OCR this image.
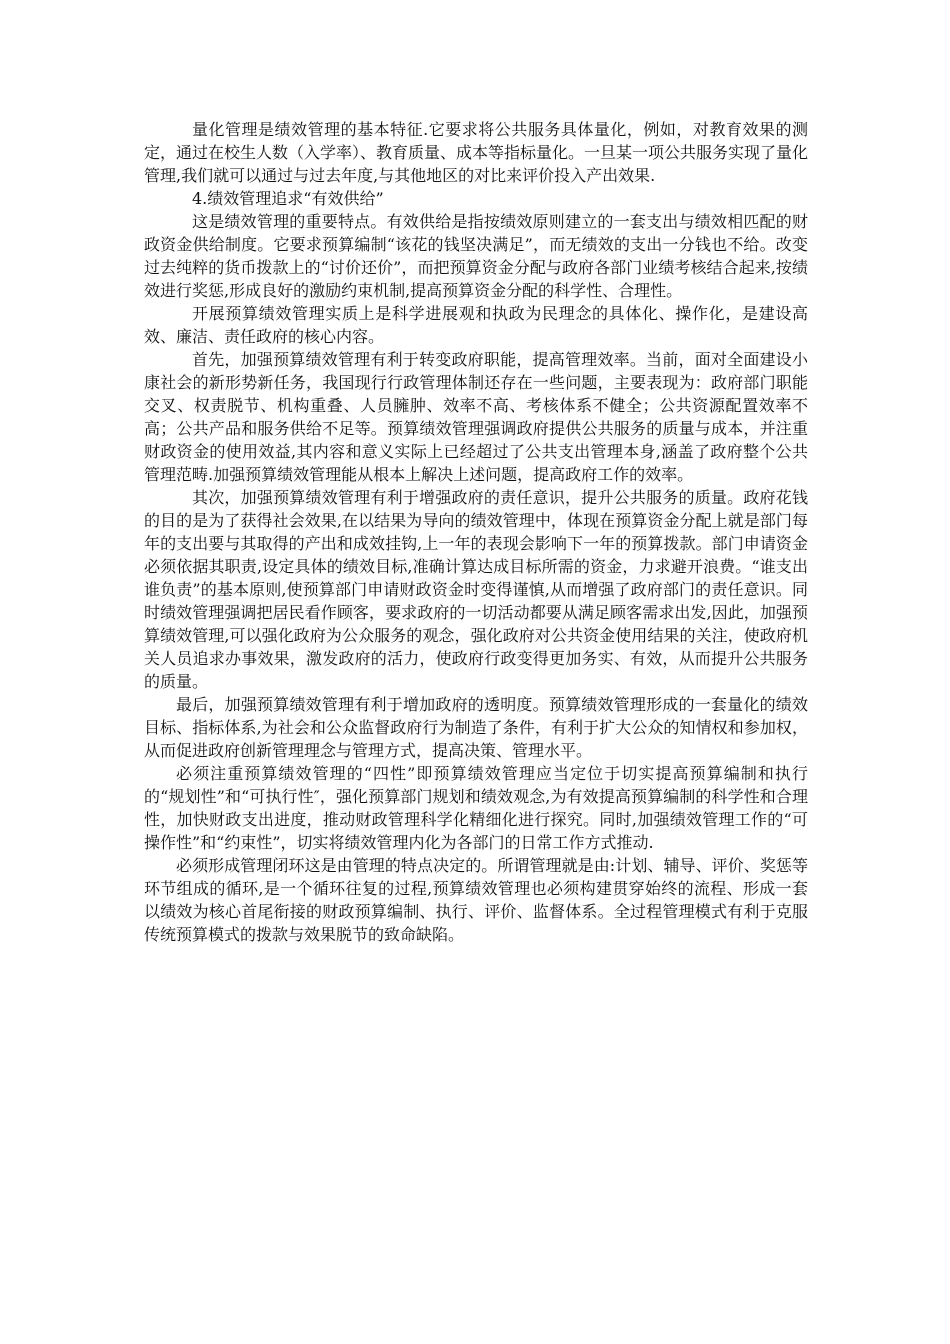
量化管理是绩效管理的基本特征.它要求将公共服务具体量化，例如，对教育效果的测定，通过在校生人数（入学率）、教育质量、成本等指标量化。一旦某一项公共服务实现了量化管理,我们就可以通过与过去年度,与其他地区的对比来评价投入产出效果.

4.绩效管理追求“有效供给”

这是绩效管理的重要特点。有效供给是指按绩效原则建立的一套支出与绩效相匹配的财政资金供给制度。它要求预算编制“该花的钱坚决满足”，而无绩效的支出一分钱也不给。改变过去纯粹的货币拨款上的“讨价还价”，而把预算资金分配与政府各部门业绩考核结合起来,按绩效进行奖惩,形成良好的激励约束机制,提高预算资金分配的科学性、合理性。

开展预算绩效管理实质上是科学进展观和执政为民理念的具体化、操作化，是建设高效、廉洁、责任政府的核心内容。

首先，加强预算绩效管理有利于转变政府职能，提高管理效率。当前，面对全面建设小康社会的新形势新任务，我国现行行政管理体制还存在一些问题，主要表现为：政府部门职能交叉、权责脱节、机构重叠、人员臃肿、效率不高、考核体系不健全；公共资源配置效率不高；公共产品和服务供给不足等。预算绩效管理强调政府提供公共服务的质量与成本，并注重财政资金的使用效益,其内容和意义实际上已经超过了公共支出管理本身,涵盖了政府整个公共管理范畴.加强预算绩效管理能从根本上解决上述问题，提高政府工作的效率。

其次，加强预算绩效管理有利于增强政府的责任意识，提升公共服务的质量。政府花钱的目的是为了获得社会效果,在以结果为导向的绩效管理中，体现在预算资金分配上就是部门每年的支出要与其取得的产出和成效挂钩,上一年的表现会影响下一年的预算拨款。部门申请资金必须依据其职责,设定具体的绩效目标,准确计算达成目标所需的资金，力求避开浪费。“谁支出谁负责”的基本原则,使预算部门申请财政资金时变得谨慎,从而增强了政府部门的责任意识。同时绩效管理强调把居民看作顾客，要求政府的一切活动都要从满足顾客需求出发,因此，加强预算绩效管理,可以强化政府为公众服务的观念，强化政府对公共资金使用结果的关注，使政府机关人员追求办事效果，激发政府的活力，使政府行政变得更加务实、有效，从而提升公共服务的质量。

最后，加强预算绩效管理有利于增加政府的透明度。预算绩效管理形成的一套量化的绩效目标、指标体系,为社会和公众监督政府行为制造了条件，有利于扩大公众的知情权和参加权，从而促进政府创新管理理念与管理方式，提高决策、管理水平。

必须注重预算绩效管理的“四性”即预算绩效管理应当定位于切实提高预算编制和执行的“规划性”和“可执行性″，强化预算部门规划和绩效观念,为有效提高预算编制的科学性和合理性，加快财政支出进度，推动财政管理科学化精细化进行探究。同时,加强绩效管理工作的“可操作性”和“约束性”，切实将绩效管理内化为各部门的日常工作方式推动.

必须形成管理闭环这是由管理的特点决定的。所谓管理就是由:计划、辅导、评价、奖惩等环节组成的循环,是一个循环往复的过程,预算绩效管理也必须构建贯穿始终的流程、形成一套以绩效为核心首尾衔接的财政预算编制、执行、评价、监督体系。全过程管理模式有利于克服传统预算模式的拨款与效果脱节的致命缺陷。
